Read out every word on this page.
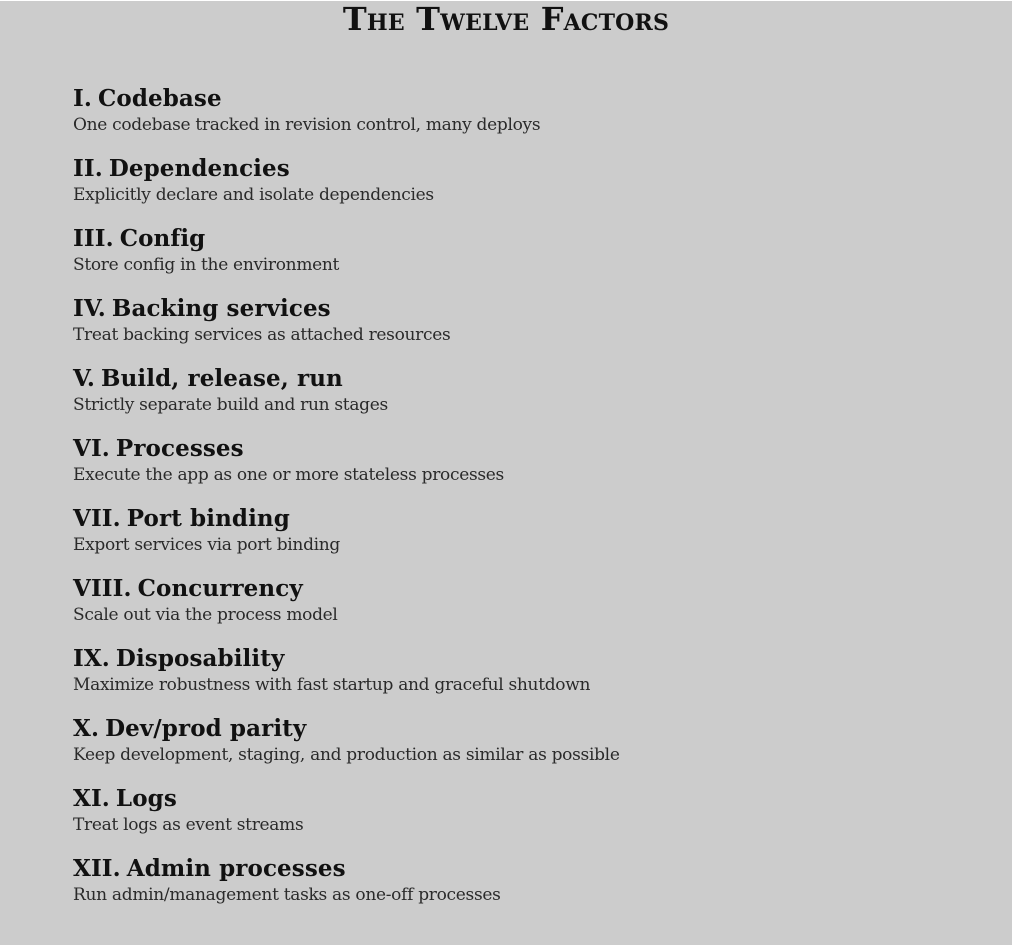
The Twelve Factors
I. Codebase
One codebase tracked in revision control, many deploys
II. Dependencies
Explicitly declare and isolate dependencies
III. Config
Store config in the environment
IV. Backing services
Treat backing services as attached resources
V. Build, release, run
Strictly separate build and run stages
VI. Processes
Execute the app as one or more stateless processes
VII. Port binding
Export services via port binding
VIII. Concurrency
Scale out via the process model
IX. Disposability
Maximize robustness with fast startup and graceful shutdown
X. Dev/prod parity
Keep development, staging, and production as similar as possible
XI. Logs
Treat logs as event streams
XII. Admin processes
Run admin/management tasks as one-off processes
